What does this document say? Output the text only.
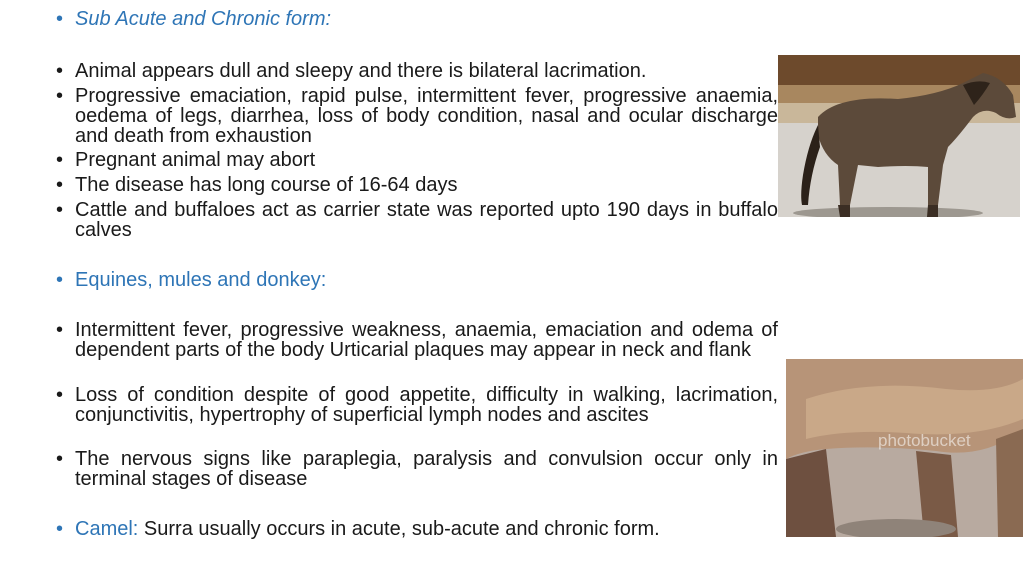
• Sub Acute and Chronic form:
• Animal appears dull and sleepy and there is bilateral lacrimation.
• Progressive emaciation, rapid pulse, intermittent fever, progressive anaemia, oedema of legs, diarrhea, loss of body condition, nasal and ocular discharge and death from exhaustion
• Pregnant animal may abort
• The disease has long course of 16-64 days
• Cattle and buffaloes act as carrier state was reported upto 190 days in buffalo calves
• Equines, mules and donkey:
• Intermittent fever, progressive weakness, anaemia, emaciation and odema of dependent parts of the body Urticarial plaques may appear in neck and flank
• Loss of condition despite of good appetite, difficulty in walking, lacrimation, conjunctivitis, hypertrophy of superficial lymph nodes and ascites
• The nervous signs like paraplegia, paralysis and convulsion occur only in terminal stages of disease
• Camel: Surra usually occurs in acute, sub-acute and chronic form.
photobucket
